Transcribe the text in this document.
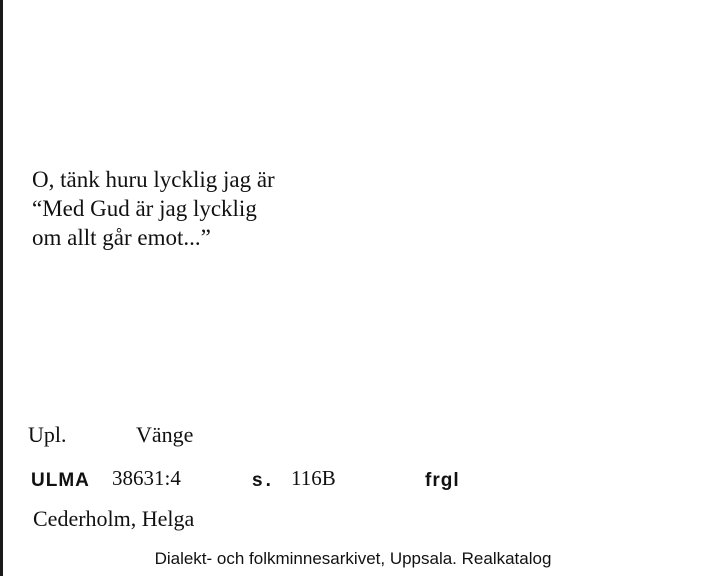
O, tänk huru lycklig jag är
“Med Gud är jag lycklig
om allt går emot...”
Upl.	Vänge
ULMA 38631:4	s. 116B	frgl
Cederholm, Helga
Dialekt- och folkminnesarkivet, Uppsala. Realkatalog
